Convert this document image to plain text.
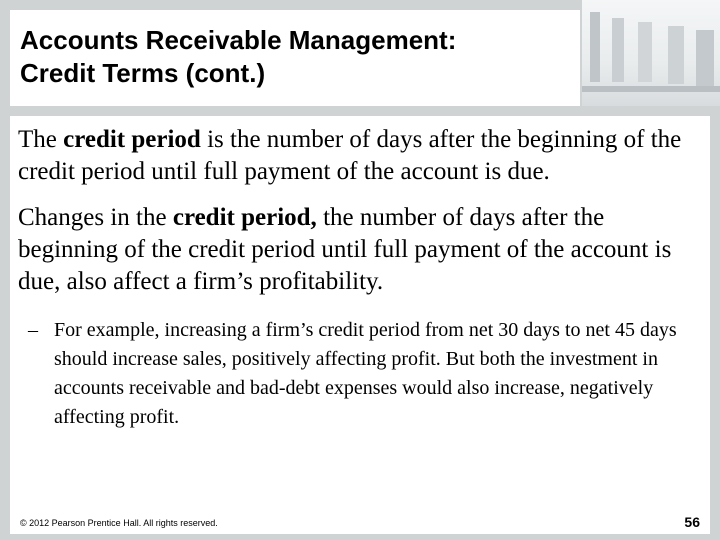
Accounts Receivable Management:
Credit Terms (cont.)

The credit period is the number of days after the beginning of the credit period until full payment of the account is due.

Changes in the credit period, the number of days after the beginning of the credit period until full payment of the account is due, also affect a firm’s profitability.

– For example, increasing a firm’s credit period from net 30 days to net 45 days should increase sales, positively affecting profit. But both the investment in accounts receivable and bad-debt expenses would also increase, negatively affecting profit.

© 2012 Pearson Prentice Hall. All rights reserved.	56
